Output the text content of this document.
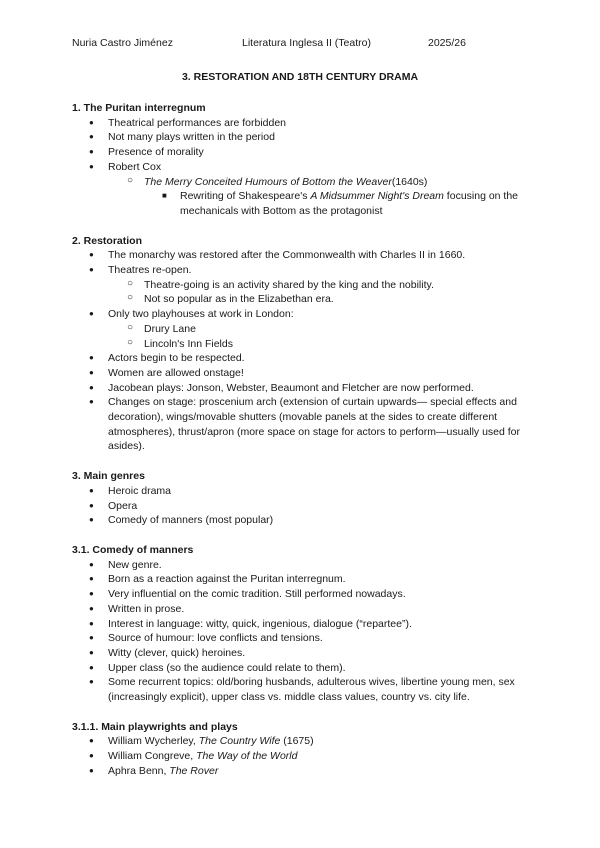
Nuria Castro Jiménez	Literatura Inglesa II (Teatro)	2025/26
3. RESTORATION AND 18TH CENTURY DRAMA

1. The Puritan interregnum

● Theatrical performances are forbidden
● Not many plays written in the period
● Presence of morality
● Robert Cox
○ The Merry Conceited Humours of Bottom the Weaver(1640s)
■ Rewriting of Shakespeare's A Midsummer Night's Dream focusing on the mechanicals with Bottom as the protagonist

2. Restoration

● The monarchy was restored after the Commonwealth with Charles II in 1660.
● Theatres re-open.
○ Theatre-going is an activity shared by the king and the nobility.
○ Not so popular as in the Elizabethan era.
● Only two playhouses at work in London:
○ Drury Lane
○ Lincoln's Inn Fields
● Actors begin to be respected.
● Women are allowed onstage!
● Jacobean plays: Jonson, Webster, Beaumont and Fletcher are now performed.
● Changes on stage: proscenium arch (extension of curtain upwards— special effects and decoration), wings/movable shutters (movable panels at the sides to create different atmospheres), thrust/apron (more space on stage for actors to perform—usually used for asides).

3. Main genres

● Heroic drama
● Opera
● Comedy of manners (most popular)

3.1. Comedy of manners

● New genre.
● Born as a reaction against the Puritan interregnum.
● Very influential on the comic tradition. Still performed nowadays.
● Written in prose.
● Interest in language: witty, quick, ingenious, dialogue (“repartee”).
● Source of humour: love conflicts and tensions.
● Witty (clever, quick) heroines.
● Upper class (so the audience could relate to them).
● Some recurrent topics: old/boring husbands, adulterous wives, libertine young men, sex (increasingly explicit), upper class vs. middle class values, country vs. city life.

3.1.1. Main playwrights and plays

● William Wycherley, The Country Wife (1675)
● William Congreve, The Way of the World
● Aphra Benn, The Rover
